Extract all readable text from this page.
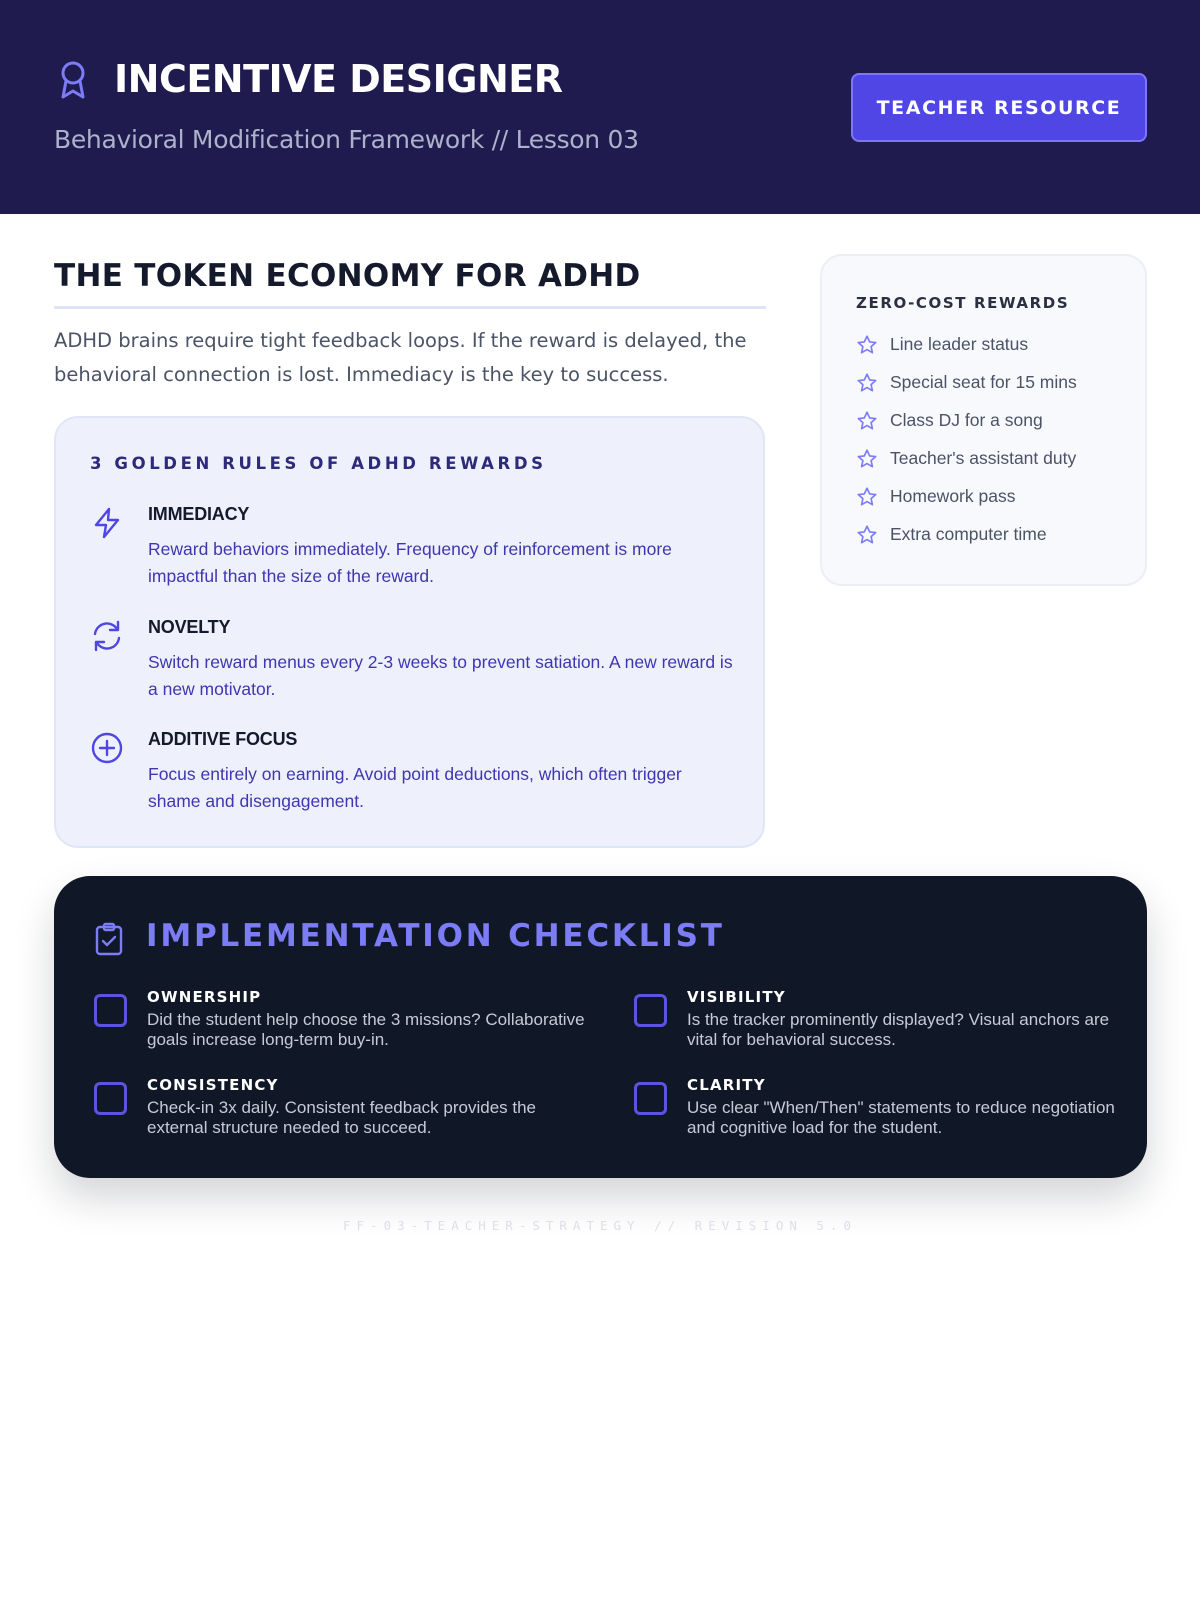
INCENTIVE DESIGNER
Behavioral Modification Framework // Lesson 03
TEACHER RESOURCE
THE TOKEN ECONOMY FOR ADHD
ADHD brains require tight feedback loops. If the reward is delayed, the behavioral connection is lost. Immediacy is the key to success.
3 GOLDEN RULES OF ADHD REWARDS
IMMEDIACY
Reward behaviors immediately. Frequency of reinforcement is more impactful than the size of the reward.
NOVELTY
Switch reward menus every 2-3 weeks to prevent satiation. A new reward is a new motivator.
ADDITIVE FOCUS
Focus entirely on earning. Avoid point deductions, which often trigger shame and disengagement.
ZERO-COST REWARDS
Line leader status
Special seat for 15 mins
Class DJ for a song
Teacher's assistant duty
Homework pass
Extra computer time
IMPLEMENTATION CHECKLIST
OWNERSHIP
Did the student help choose the 3 missions? Collaborative goals increase long-term buy-in.
VISIBILITY
Is the tracker prominently displayed? Visual anchors are vital for behavioral success.
CONSISTENCY
Check-in 3x daily. Consistent feedback provides the external structure needed to succeed.
CLARITY
Use clear "When/Then" statements to reduce negotiation and cognitive load for the student.
FF-03-TEACHER-STRATEGY // REVISION 5.0
